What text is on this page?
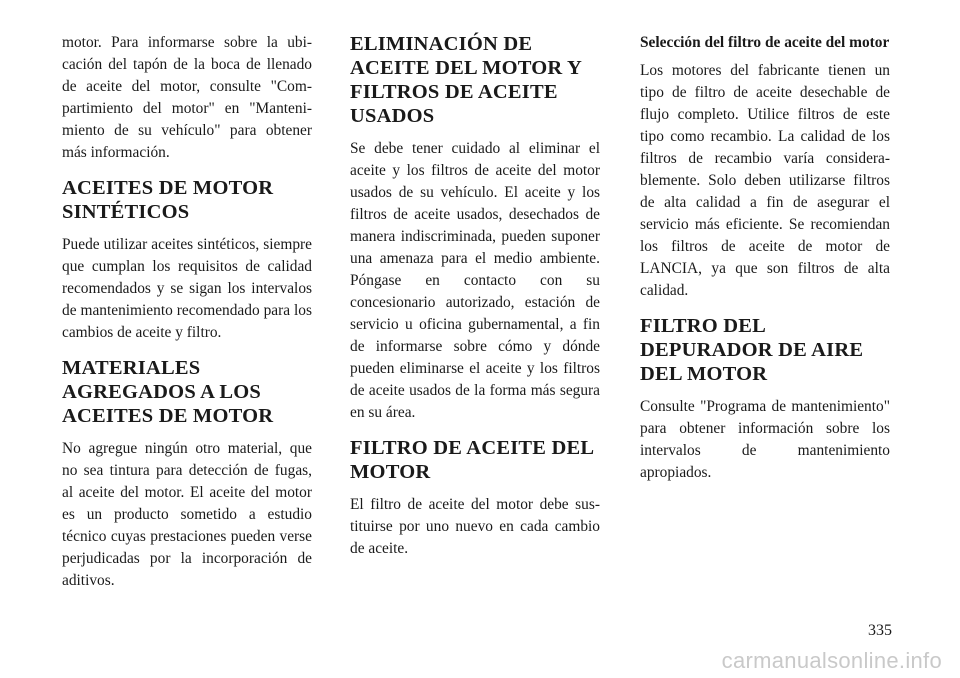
motor. Para informarse sobre la ubicación del tapón de la boca de llenado de aceite del motor, consulte "Compartimiento del motor" en "Mantenimiento de su vehículo" para obtener más información.

ACEITES DE MOTOR SINTÉTICOS

Puede utilizar aceites sintéticos, siempre que cumplan los requisitos de calidad recomendados y se sigan los intervalos de mantenimiento recomendado para los cambios de aceite y filtro.

MATERIALES AGREGADOS A LOS ACEITES DE MOTOR

No agregue ningún otro material, que no sea tintura para detección de fugas, al aceite del motor. El aceite del motor es un producto sometido a estudio técnico cuyas prestaciones pueden verse perjudicadas por la incorporación de aditivos.

ELIMINACIÓN DE ACEITE DEL MOTOR Y FILTROS DE ACEITE USADOS

Se debe tener cuidado al eliminar el aceite y los filtros de aceite del motor usados de su vehículo. El aceite y los filtros de aceite usados, desechados de manera indiscriminada, pueden suponer una amenaza para el medio ambiente. Póngase en contacto con su concesionario autorizado, estación de servicio u oficina gubernamental, a fin de informarse sobre cómo y dónde pueden eliminarse el aceite y los filtros de aceite usados de la forma más segura en su área.

FILTRO DE ACEITE DEL MOTOR

El filtro de aceite del motor debe sustituirse por uno nuevo en cada cambio de aceite.

Selección del filtro de aceite del motor

Los motores del fabricante tienen un tipo de filtro de aceite desechable de flujo completo. Utilice filtros de este tipo como recambio. La calidad de los filtros de recambio varía considerablemente. Solo deben utilizarse filtros de alta calidad a fin de asegurar el servicio más eficiente. Se recomiendan los filtros de aceite de motor de LANCIA, ya que son filtros de alta calidad.

FILTRO DEL DEPURADOR DE AIRE DEL MOTOR

Consulte "Programa de mantenimiento" para obtener información sobre los intervalos de mantenimiento apropiados.

335
carmanualsonline.info
